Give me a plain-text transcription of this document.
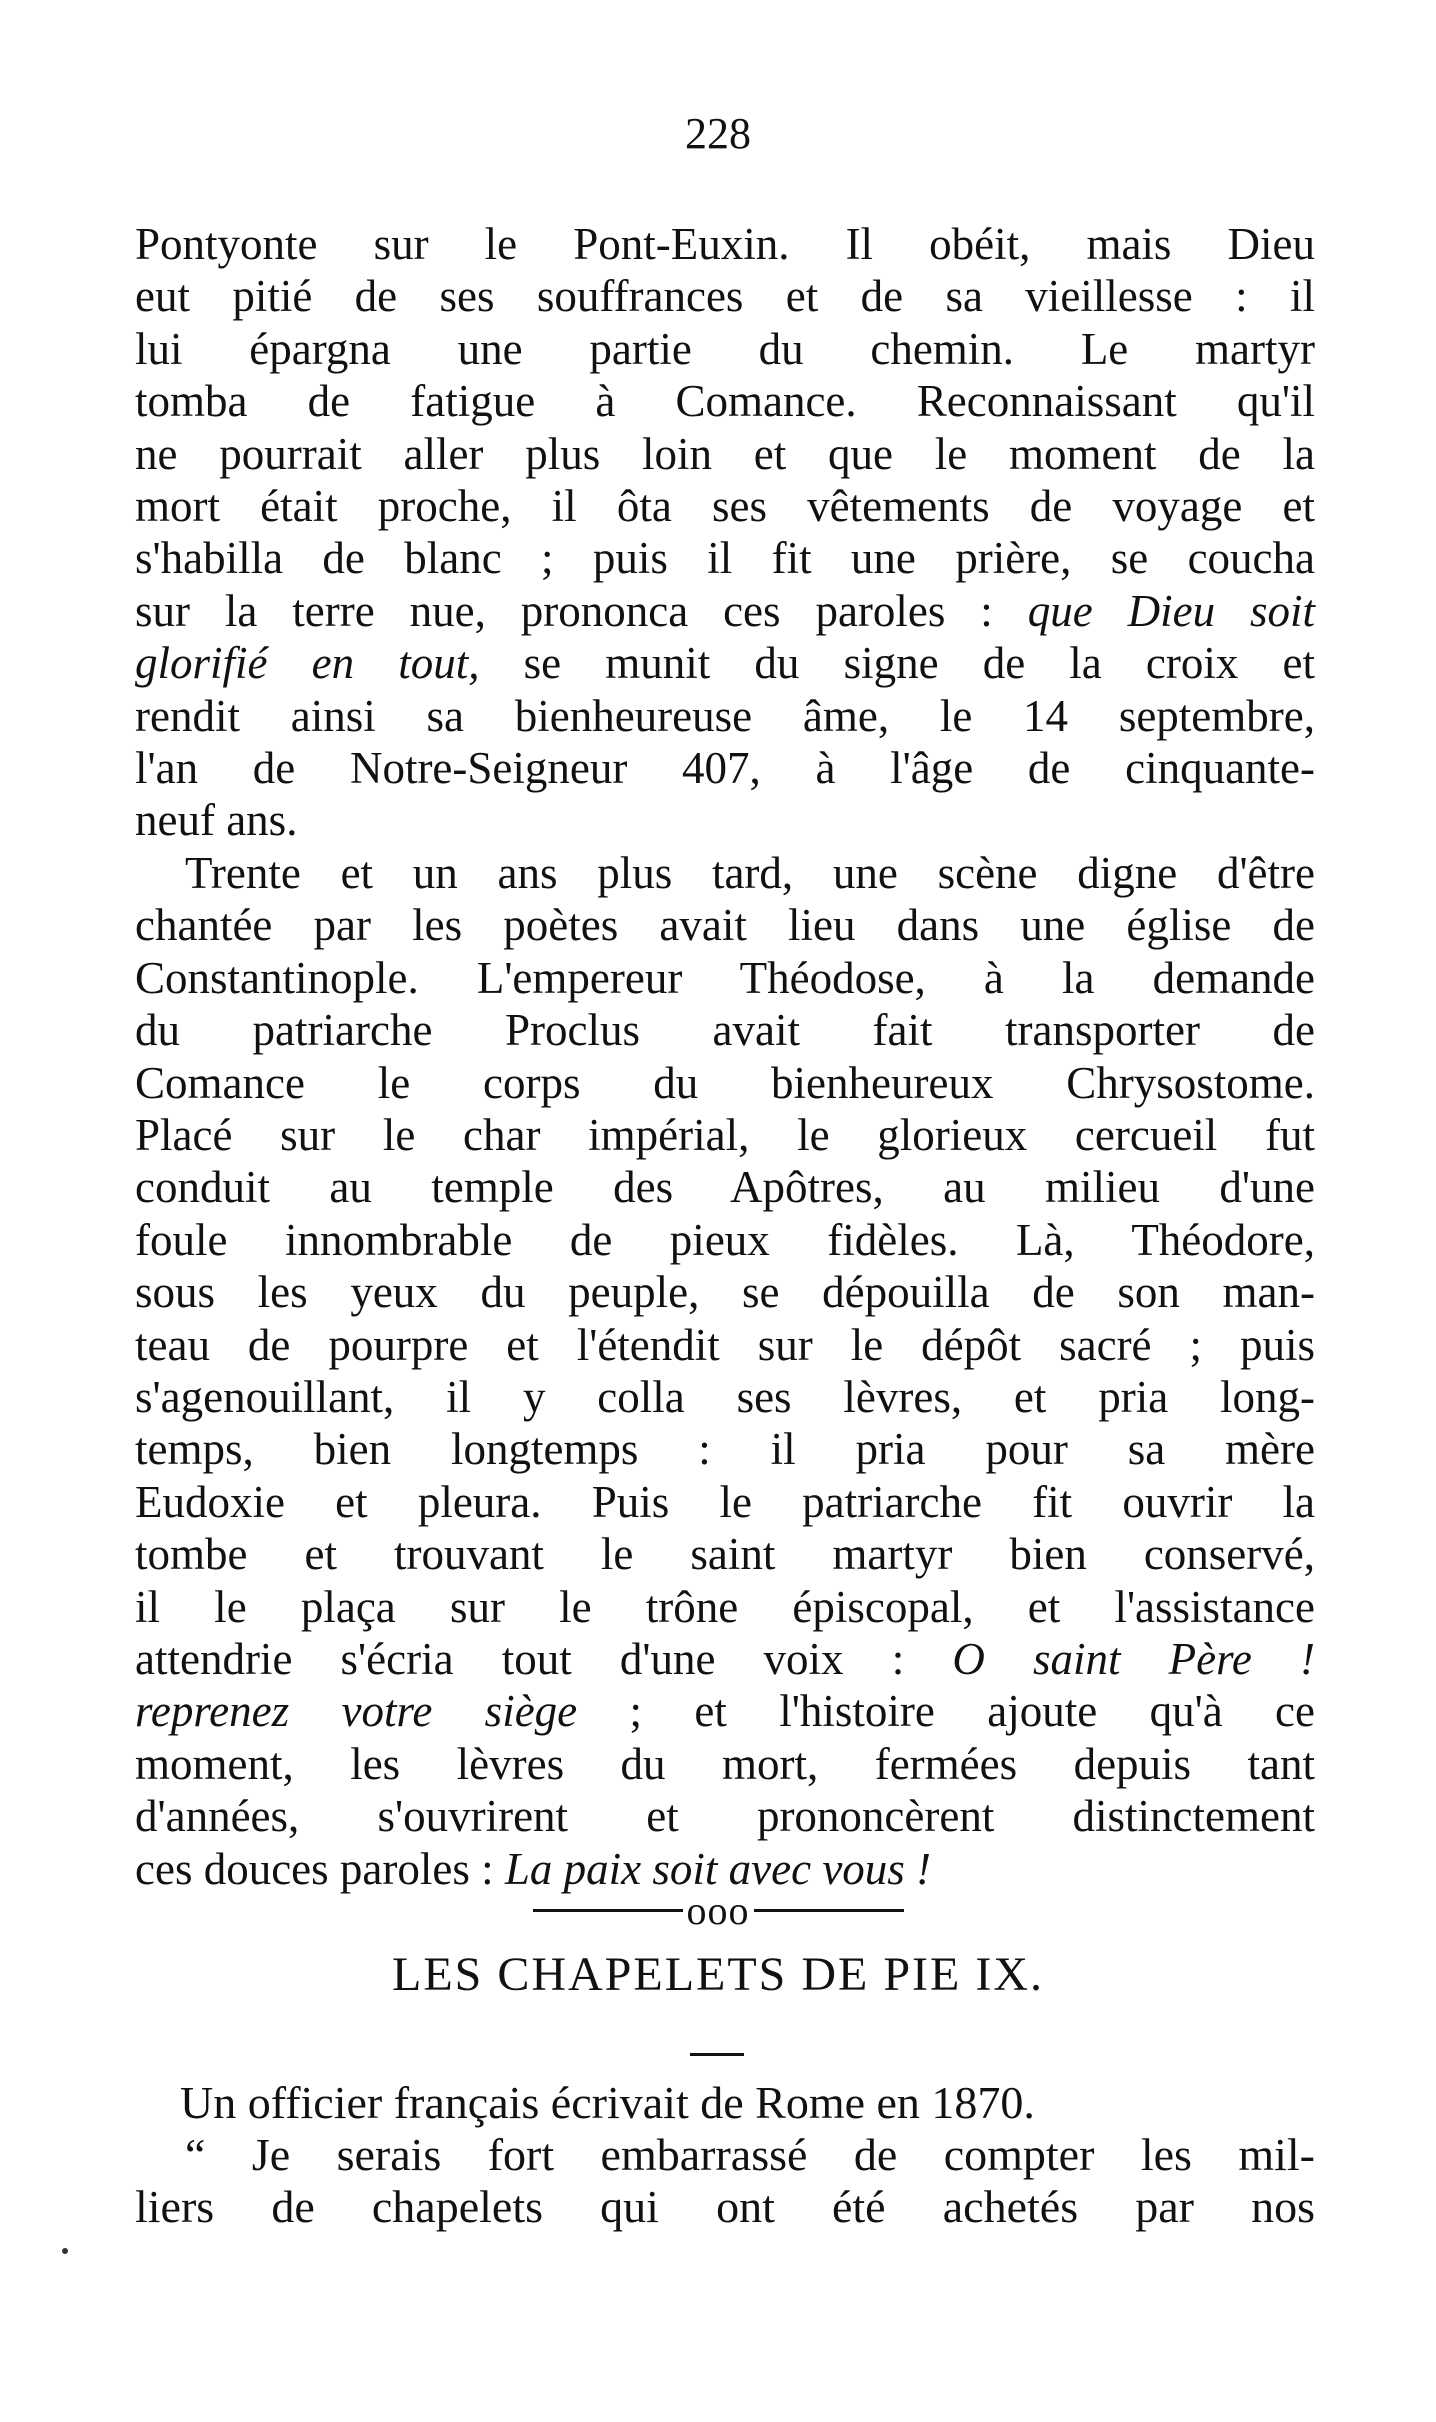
228
Pontyonte sur le Pont-Euxin. Il obéit, mais Dieu
eut pitié de ses souffrances et de sa vieillesse : il
lui épargna une partie du chemin. Le martyr
tomba de fatigue à Comance. Reconnaissant qu'il
ne pourrait aller plus loin et que le moment de la
mort était proche, il ôta ses vêtements de voyage et
s'habilla de blanc ; puis il fit une prière, se coucha
sur la terre nue, prononca ces paroles : que Dieu soit
glorifié en tout, se munit du signe de la croix et
rendit ainsi sa bienheureuse âme, le 14 septembre,
l'an de Notre-Seigneur 407, à l'âge de cinquante-
neuf ans.
Trente et un ans plus tard, une scène digne d'être
chantée par les poètes avait lieu dans une église de
Constantinople. L'empereur Théodose, à la demande
du patriarche Proclus avait fait transporter de
Comance le corps du bienheureux Chrysostome.
Placé sur le char impérial, le glorieux cercueil fut
conduit au temple des Apôtres, au milieu d'une
foule innombrable de pieux fidèles. Là, Théodore,
sous les yeux du peuple, se dépouilla de son man-
teau de pourpre et l'étendit sur le dépôt sacré ; puis
s'agenouillant, il y colla ses lèvres, et pria long-
temps, bien longtemps : il pria pour sa mère
Eudoxie et pleura. Puis le patriarche fit ouvrir la
tombe et trouvant le saint martyr bien conservé,
il le plaça sur le trône épiscopal, et l'assistance
attendrie s'écria tout d'une voix : O saint Père !
reprenez votre siège ; et l'histoire ajoute qu'à ce
moment, les lèvres du mort, fermées depuis tant
d'années, s'ouvrirent et prononcèrent distinctement
ces douces paroles : La paix soit avec vous !
ooo
LES CHAPELETS DE PIE IX.
Un officier français écrivait de Rome en 1870.
“ Je serais fort embarrassé de compter les mil-
liers de chapelets qui ont été achetés par nos
